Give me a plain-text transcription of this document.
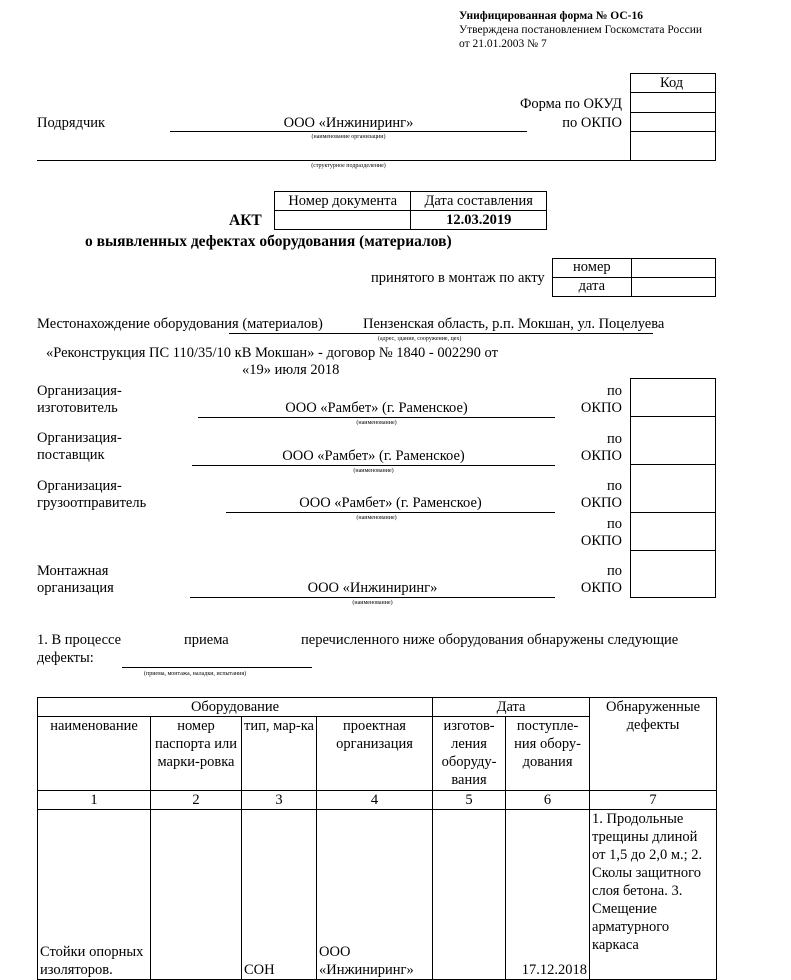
Унифицированная форма № ОС-16
Утверждена постановлением Госкомстата России
от 21.01.2003 № 7
Код
Форма по ОКУД
по ОКПО
Подрядчик	ООО «Инжиниринг»
(наименование организации)
(структурное подразделение)
Номер документа	Дата составления
	12.03.2019
АКТ
о выявленных дефектах оборудования (материалов)
принятого в монтаж по акту
номер	
дата	
Местонахождение оборудования (материалов)	Пензенская область, р.п. Мокшан, ул. Поцелуева
(адрес, здание, сооружение, цех)
«Реконструкция ПС 110/35/10 кВ Мокшан» - договор № 1840 - 002290 от
«19» июля 2018
Организация-
изготовитель	ООО «Рамбет» (г. Раменское)
(наименование)
по
ОКПО
Организация-
поставщик	ООО «Рамбет» (г. Раменское)
(наименование)
по
ОКПО
Организация-
грузоотправитель	ООО «Рамбет» (г. Раменское)
(наименование)
по
ОКПО
по
ОКПО
Монтажная
организация	ООО «Инжиниринг»
(наименование)
по
ОКПО
1. В процессе	приема	перечисленного ниже оборудования обнаружены следующие
дефекты:
(приема, монтажа, наладки, испытания)
Оборудование				Дата		Обнаруженные дефекты
наименование	номер паспорта или марки-ровка	тип, мар-ка	проектная организация	изготов-ления оборуду-вания	поступле-ния обору-дования	
1	2	3	4	5	6	7
Стойки опорных изоляторов.		СОН	ООО «Инжиниринг»		17.12.2018	1. Продольные трещины длиной от 1,5 до 2,0 м.; 2. Сколы защитного слоя бетона. 3. Смещение арматурного каркаса
